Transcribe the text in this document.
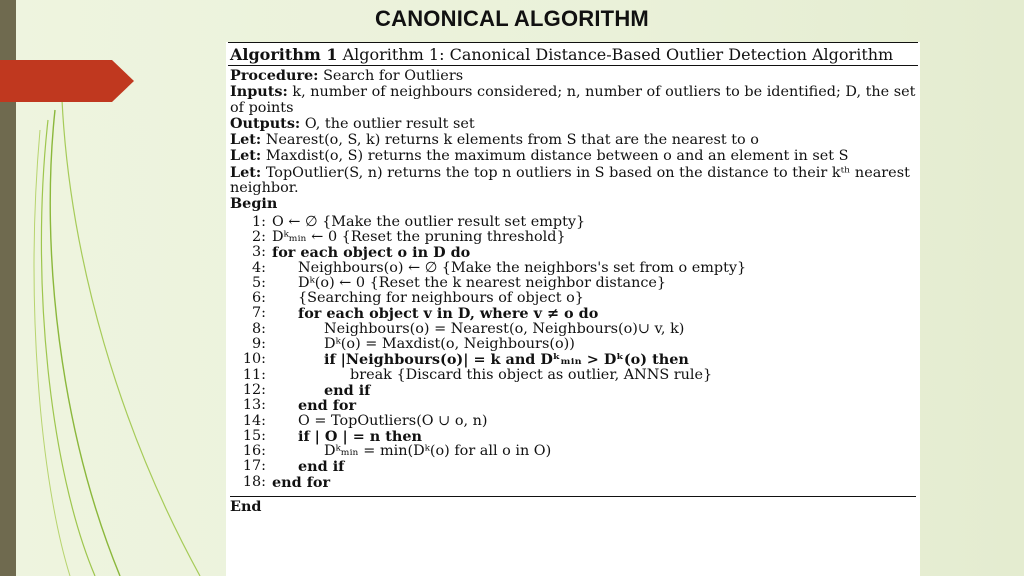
CANONICAL ALGORITHM
Algorithm 1 Algorithm 1: Canonical Distance-Based Outlier Detection Algorithm

Procedure: Search for Outliers

Inputs: k, number of neighbours considered; n, number of outliers to be identified; D, the set of points

Outputs: O, the outlier result set

Let: Nearest(o, S, k) returns k elements from S that are the nearest to o

Let: Maxdist(o, S) returns the maximum distance between o and an element in set S

Let: TopOutlier(S, n) returns the top n outliers in S based on the distance to their kᵗʰ nearest neighbor.

Begin

1: O ← ∅ {Make the outlier result set empty}
2: Dᵏₘᵢₙ ← 0 {Reset the pruning threshold}
3: for each object o in D do
4:	Neighbours(o) ← ∅ {Make the neighbors's set from o empty}
5:	Dᵏ(o) ← 0 {Reset the k nearest neighbor distance}
6:	{Searching for neighbours of object o}
7:	for each object v in D, where v ≠ o do
8:	Neighbours(o) = Nearest(o, Neighbours(o)∪ v, k)
9:	Dᵏ(o) = Maxdist(o, Neighbours(o))
10:	if |Neighbours(o)| = k and Dᵏₘᵢₙ > Dᵏ(o) then
11:	break {Discard this object as outlier, ANNS rule}
12:	end if
13:	end for
14:	O = TopOutliers(O ∪ o, n)
15:	if | O | = n then
16:	Dᵏₘᵢₙ = min(Dᵏ(o) for all o in O)
17:	end if
18: end for
End
